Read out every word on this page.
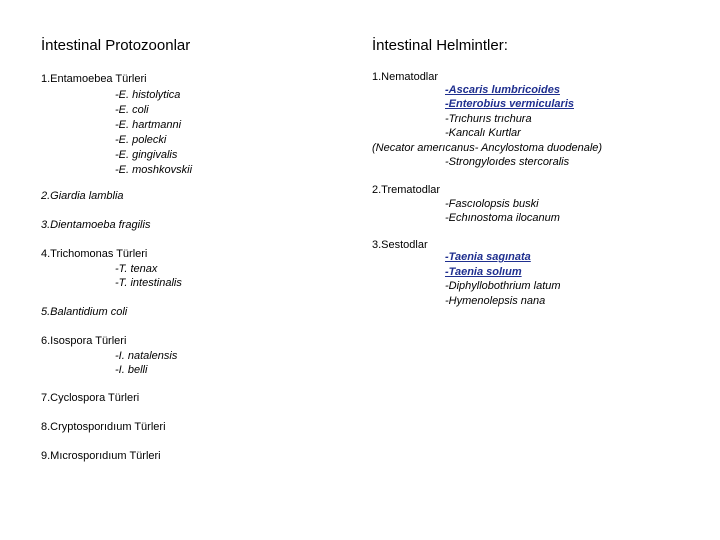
İntestinal Protozoonlar
1.Entamoebea Türleri
-E. histolytica
-E. coli
-E. hartmanni
-E. polecki
-E. gingivalis
-E. moshkovskii
2.Giardia lamblia
3.Dientamoeba fragilis
4.Trichomonas Türleri
-T. tenax
-T. intestinalis
5.Balantidium coli
6.Isospora Türleri
-I. natalensis
-I. belli
7.Cyclospora Türleri
8.Cryptosporıdıum Türleri
9.Mıcrosporıdıum Türleri
İntestinal Helmintler:
1.Nematodlar
-Ascaris lumbricoides
-Enterobius vermicularis
-Trıchurıs trıchura
-Kancalı Kurtlar
(Necator amerıcanus- Ancylostoma duodenale)
-Strongyloıdes stercoralis
2.Trematodlar
-Fascıolopsis buski
-Echınostoma ilocanum
3.Sestodlar
-Taenia sagınata
-Taenia solıum
-Diphyllobothrium latum
-Hymenolepsis nana
